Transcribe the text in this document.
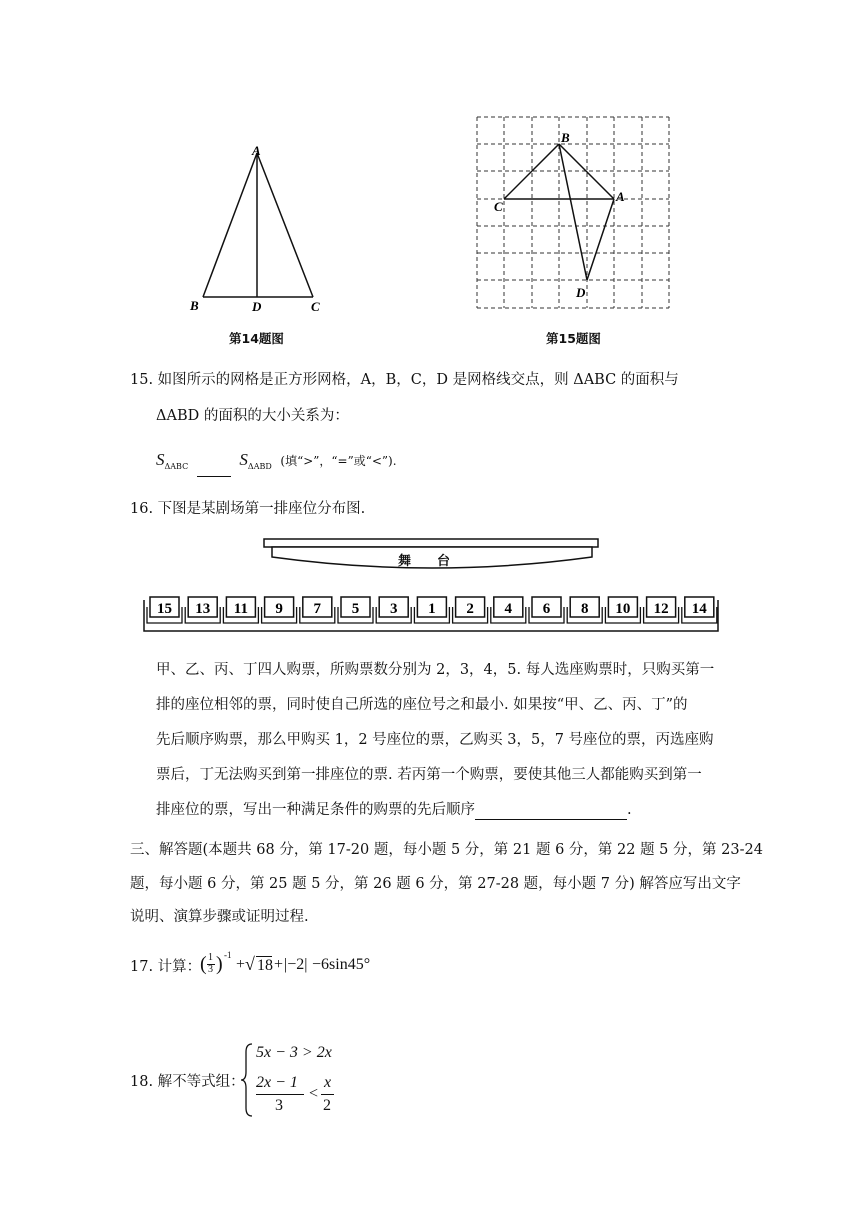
A
B	D	C
第14题图
B
C
A
D
第15题图
15. 如图所示的网格是正方形网格，A，B，C，D 是网格线交点，则 ΔABC 的面积与
ΔABD 的面积的大小关系为：
$S_{\Delta ABC}$	$S_{\Delta ABD}$ (填“>”，“=”或“<”).
16. 下图是某剧场第一排座位分布图.
舞　　台
15 13 11 9 7 5 3 1 2 4 6 8 10 12 14
甲、乙、丙、丁四人购票，所购票数分别为 2，3，4，5. 每人选座购票时，只购买第一
排的座位相邻的票，同时使自己所选的座位号之和最小. 如果按“甲、乙、丙、丁”的
先后顺序购票，那么甲购买 1，2 号座位的票，乙购买 3，5，7 号座位的票，丙选座购
票后，丁无法购买到第一排座位的票. 若丙第一个购票，要使其他三人都能购买到第一
排座位的票，写出一种满足条件的购票的先后顺序	.
三、解答题(本题共 68 分，第 17-20 题，每小题 5 分，第 21 题 6 分，第 22 题 5 分，第 23-24
题，每小题 6 分，第 25 题 5 分，第 26 题 6 分，第 27-28 题，每小题 7 分) 解答应写出文字
说明、演算步骤或证明过程.
17. 计算：
( 1
3 ) -1
+ √ 18 + |−2| −6sin45°
18. 解不等式组：
5x − 3 > 2x
2x − 1
3
<
x
2
